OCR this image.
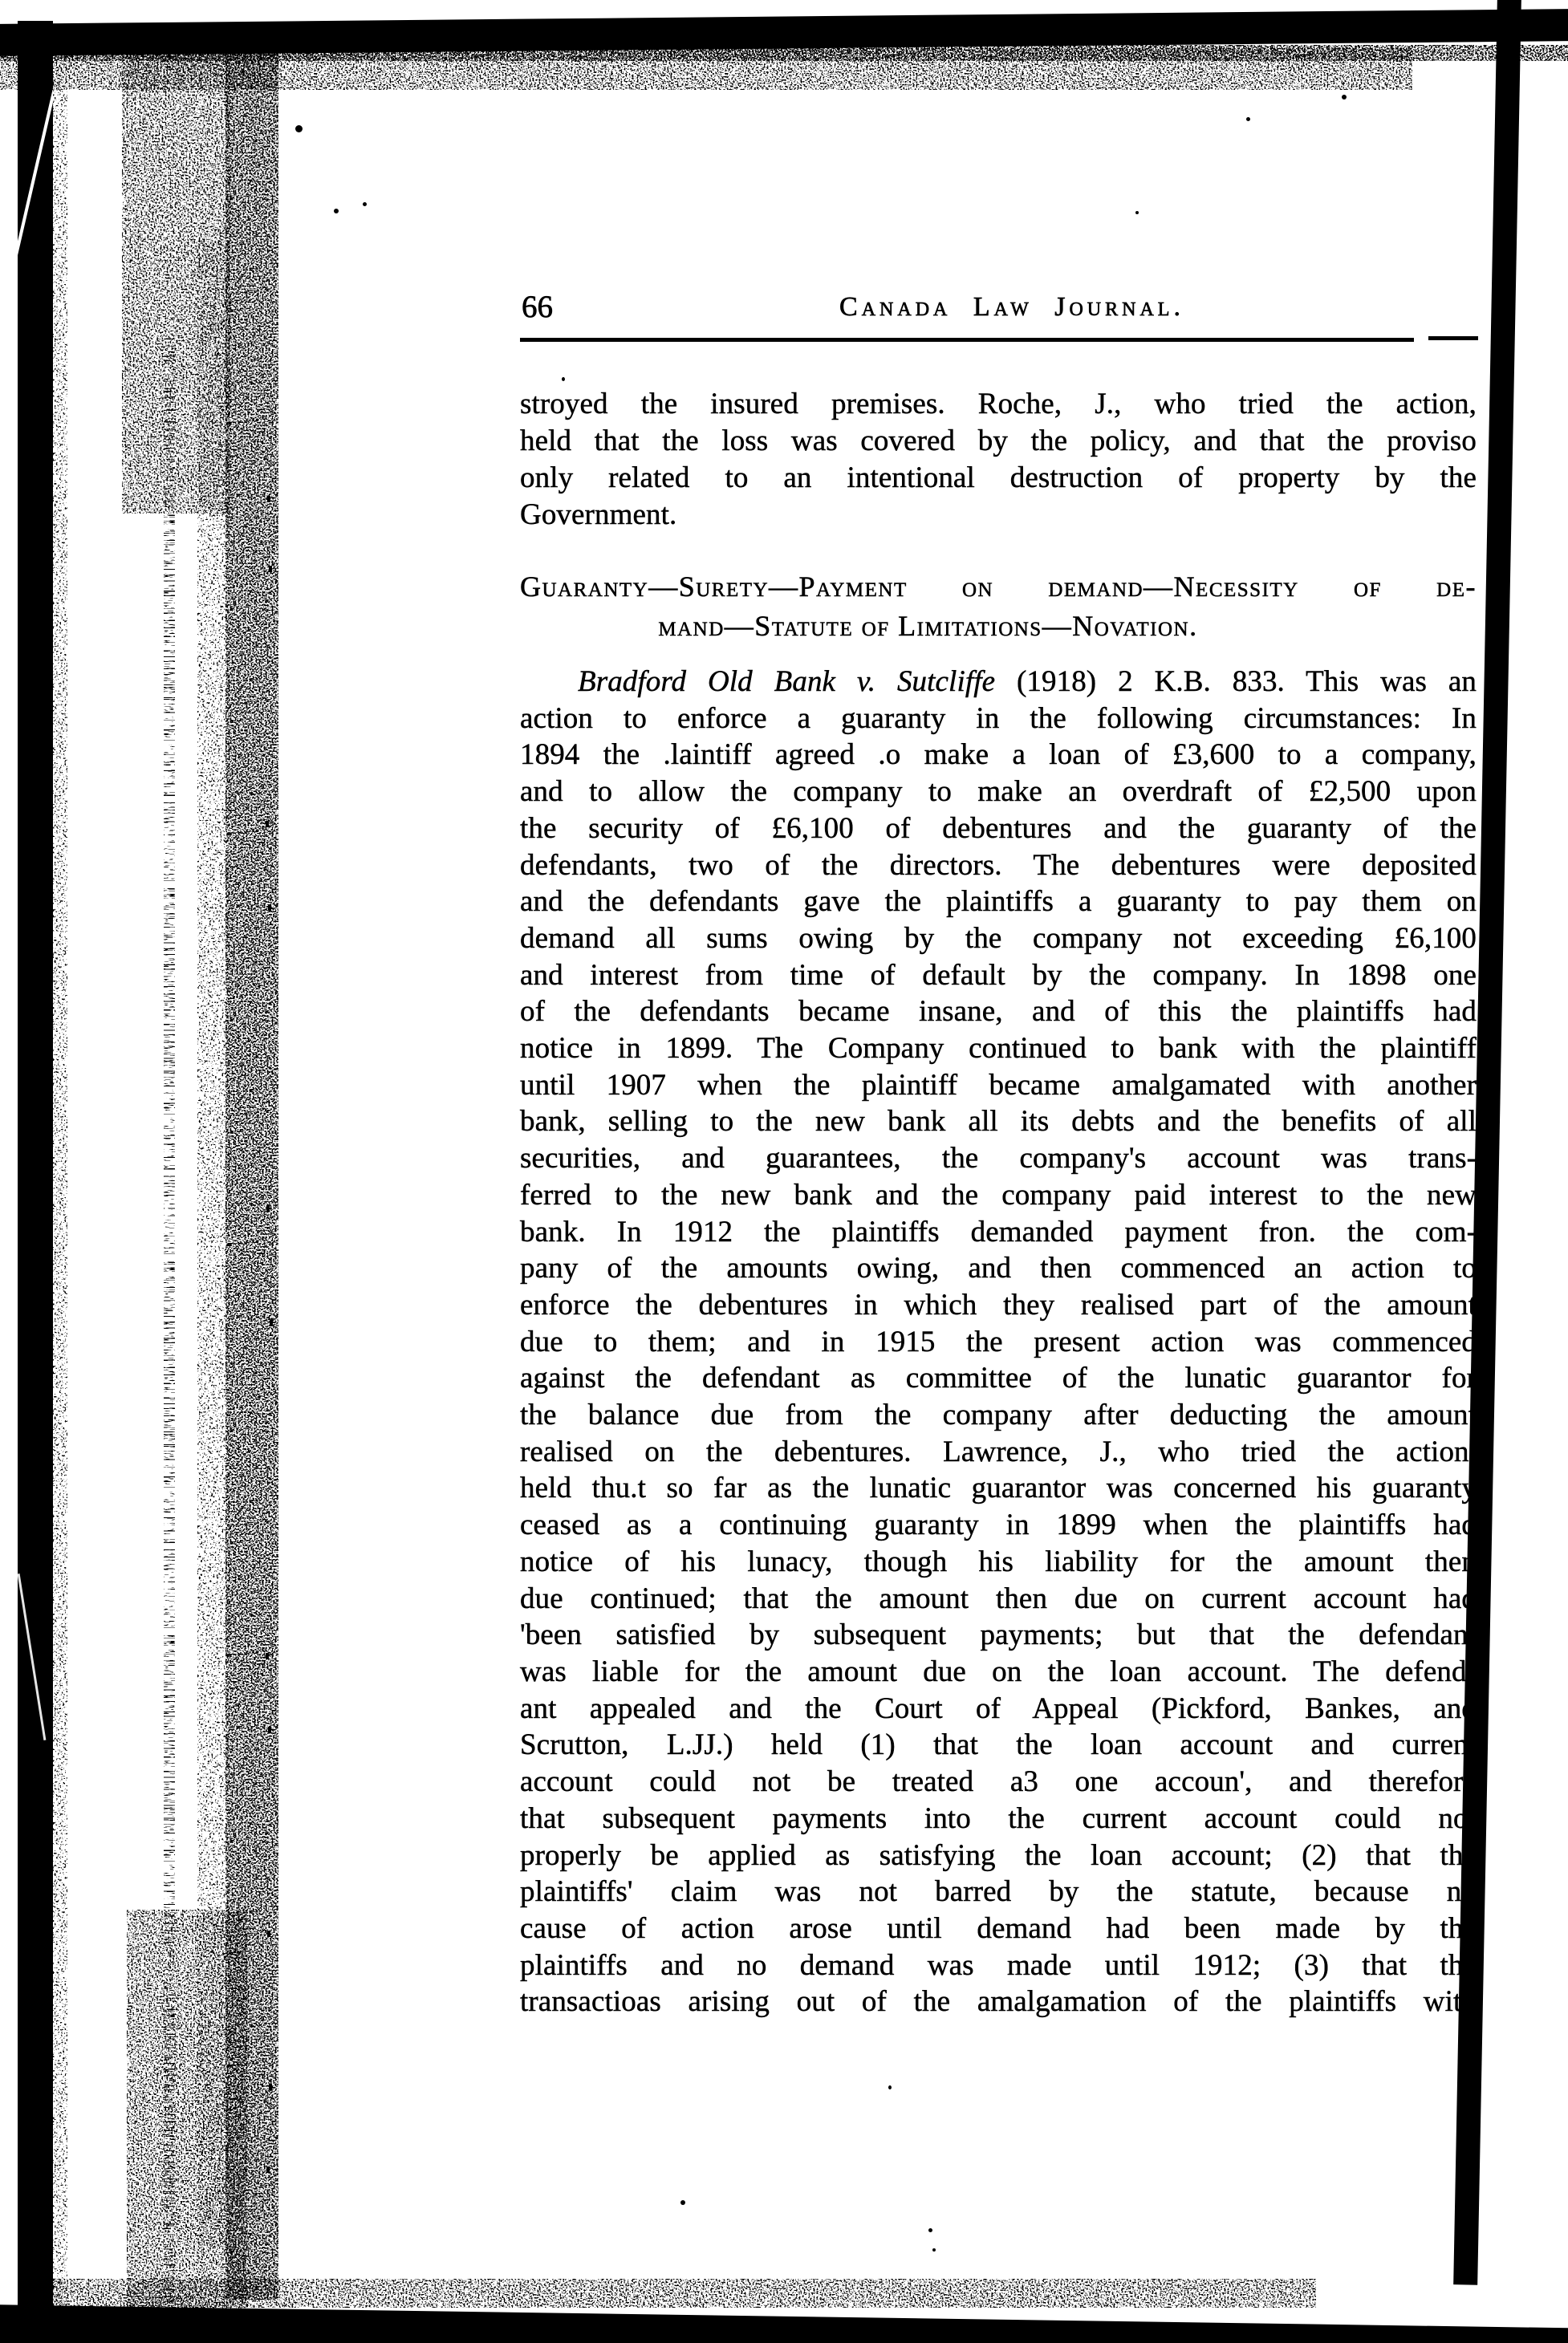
66	Canada Law Journal.
stroyed the insured premises. Roche, J., who tried the action,
held that the loss was covered by the policy, and that the proviso
only related to an intentional destruction of property by the
Government.
Guaranty—Surety—Payment on demand—Necessity of de-
mand—Statute of Limitations—Novation.
Bradford Old Bank v. Sutcliffe (1918) 2 K.B. 833. This was an
action to enforce a guaranty in the following circumstances: In
1894 the .laintiff agreed .o make a loan of £3,600 to a company,
and to allow the company to make an overdraft of £2,500 upon
the security of £6,100 of debentures and the guaranty of the
defendants, two of the directors. The debentures were deposited
and the defendants gave the plaintiffs a guaranty to pay them on
demand all sums owing by the company not exceeding £6,100
and interest from time of default by the company. In 1898 one
of the defendants became insane, and of this the plaintiffs had
notice in 1899. The Company continued to bank with the plaintiff
until 1907 when the plaintiff became amalgamated with another
bank, selling to the new bank all its debts and the benefits of all
securities, and guarantees, the company's account was trans-
ferred to the new bank and the company paid interest to the new
bank. In 1912 the plaintiffs demanded payment fron. the com-
pany of the amounts owing, and then commenced an action to
enforce the debentures in which they realised part of the amount
due to them; and in 1915 the present action was commenced
against the defendant as committee of the lunatic guarantor for
the balance due from the company after deducting the amount
realised on the debentures. Lawrence, J., who tried the action,
held thu.t so far as the lunatic guarantor was concerned his guaranty
ceased as a continuing guaranty in 1899 when the plaintiffs had
notice of his lunacy, though his liability for the amount then
due continued; that the amount then due on current account had
'been satisfied by subsequent payments; but that the defendant
was liable for the amount due on the loan account. The defend-
ant appealed and the Court of Appeal (Pickford, Bankes, and
Scrutton, L.JJ.) held (1) that the loan account and current
account could not be treated a3 one accoun', and therefore
that subsequent payments into the current account could not
properly be applied as satisfying the loan account; (2) that the
plaintiffs' claim was not barred by the statute, because no
cause of action arose until demand had been made by the
plaintiffs and no demand was made until 1912; (3) that the
transactioas arising out of the amalgamation of the plaintiffs with
